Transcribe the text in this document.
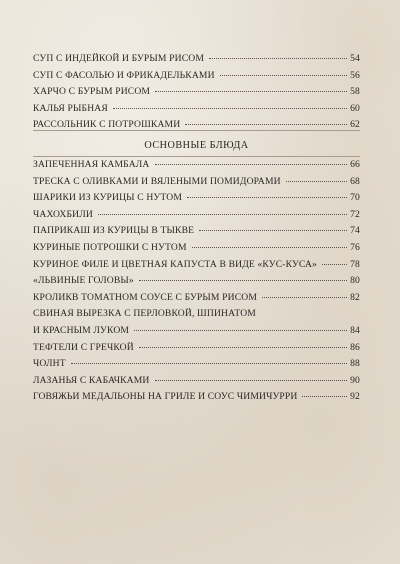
СУП С ИНДЕЙКОЙ И БУРЫМ РИСОМ	54
СУП С ФАСОЛЬЮ И ФРИКАДЕЛЬКАМИ	56
ХАРЧО С БУРЫМ РИСОМ	58
КАЛЬЯ РЫБНАЯ	60
РАССОЛЬНИК С ПОТРОШКАМИ	62
ОСНОВНЫЕ БЛЮДА
ЗАПЕЧЕННАЯ КАМБАЛА	66
ТРЕСКА С ОЛИВКАМИ И ВЯЛЕНЫМИ ПОМИДОРАМИ	68
ШАРИКИ ИЗ КУРИЦЫ С НУТОМ	70
ЧАХОХБИЛИ	72
ПАПРИКАШ ИЗ КУРИЦЫ В ТЫКВЕ	74
КУРИНЫЕ ПОТРОШКИ С НУТОМ	76
КУРИНОЕ ФИЛЕ И ЦВЕТНАЯ КАПУСТА В ВИДЕ «КУС-КУСА»	78
«ЛЬВИНЫЕ ГОЛОВЫ»	80
КРОЛИКВ ТОМАТНОМ СОУСЕ С БУРЫМ РИСОМ	82
СВИНАЯ ВЫРЕЗКА С ПЕРЛОВКОЙ, ШПИНАТОМ
И КРАСНЫМ ЛУКОМ	84
ТЕФТЕЛИ С ГРЕЧКОЙ	86
ЧОЛНТ	88
ЛАЗАНЬЯ С КАБАЧКАМИ	90
ГОВЯЖЬИ МЕДАЛЬОНЫ НА ГРИЛЕ И СОУС ЧИМИЧУРРИ	92
